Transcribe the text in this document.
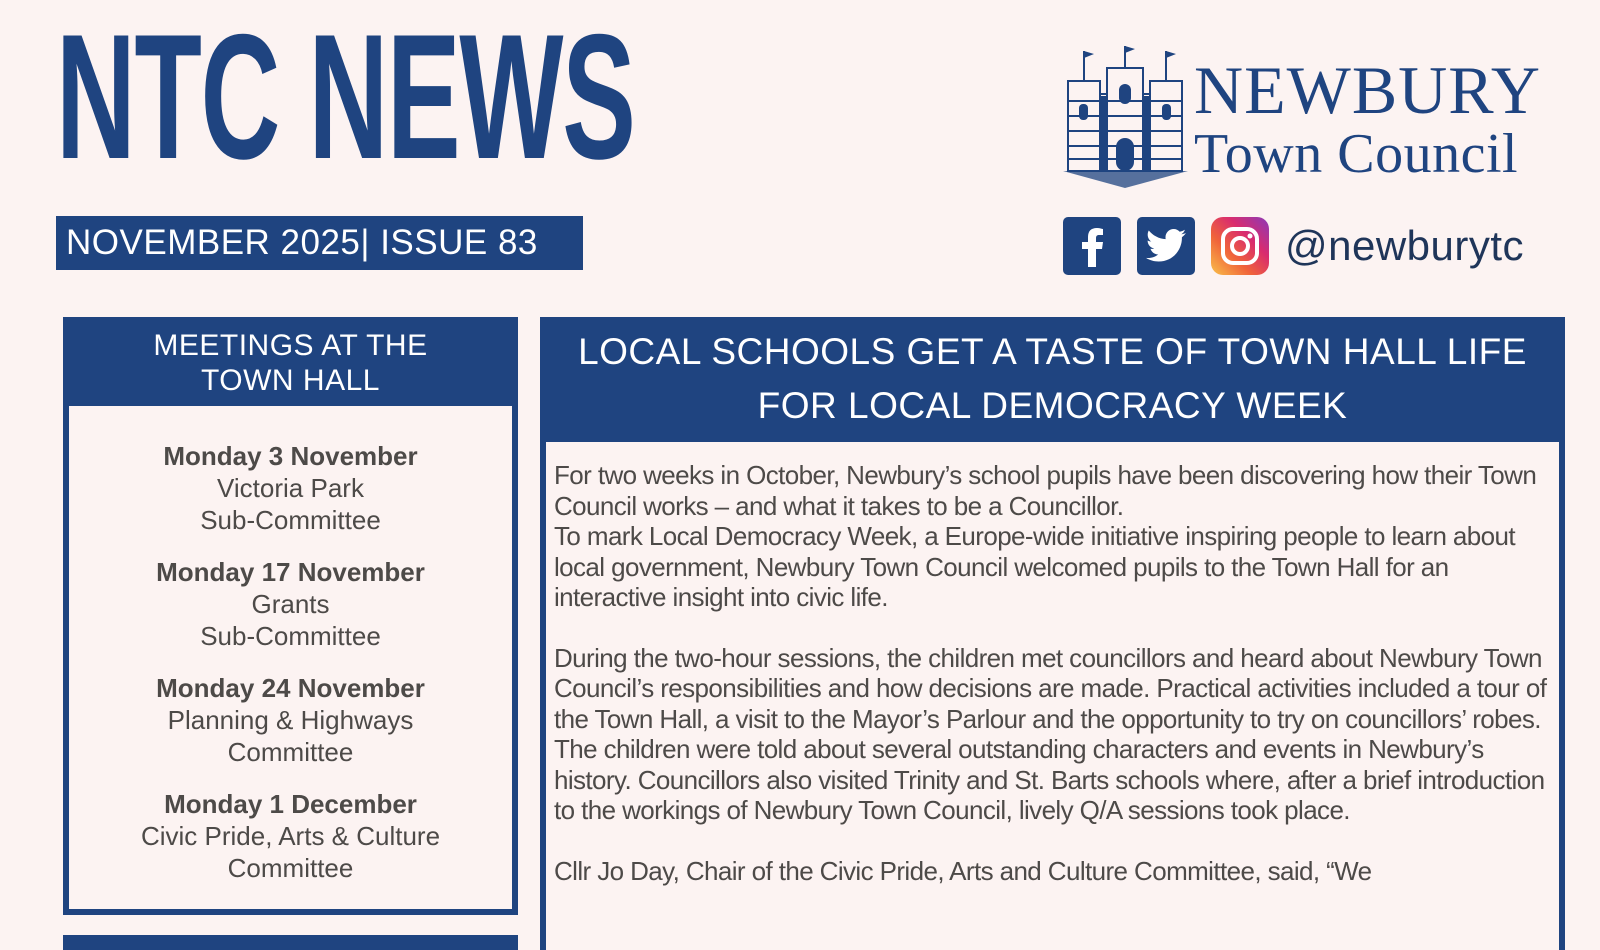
NTC NEWS
NOVEMBER 2025| ISSUE 83
NEWBURY
Town Council
@newburytc
MEETINGS AT THE
TOWN HALL
Monday 3 November
Victoria Park
Sub-Committee
Monday 17 November
Grants
Sub-Committee
Monday 24 November
Planning & Highways
Committee
Monday 1 December
Civic Pride, Arts & Culture
Committee
LOCAL SCHOOLS GET A TASTE OF TOWN HALL LIFE
FOR LOCAL DEMOCRACY WEEK
For two weeks in October, Newbury’s school pupils have been discovering how their Town Council works – and what it takes to be a Councillor.
To mark Local Democracy Week, a Europe-wide initiative inspiring people to learn about local government, Newbury Town Council welcomed pupils to the Town Hall for an interactive insight into civic life.
During the two-hour sessions, the children met councillors and heard about Newbury Town Council’s responsibilities and how decisions are made. Practical activities included a tour of the Town Hall, a visit to the Mayor’s Parlour and the opportunity to try on councillors’ robes. The children were told about several outstanding characters and events in Newbury’s history. Councillors also visited Trinity and St. Barts schools where, after a brief introduction to the workings of Newbury Town Council, lively Q/A sessions took place.
Cllr Jo Day, Chair of the Civic Pride, Arts and Culture Committee, said, “We
